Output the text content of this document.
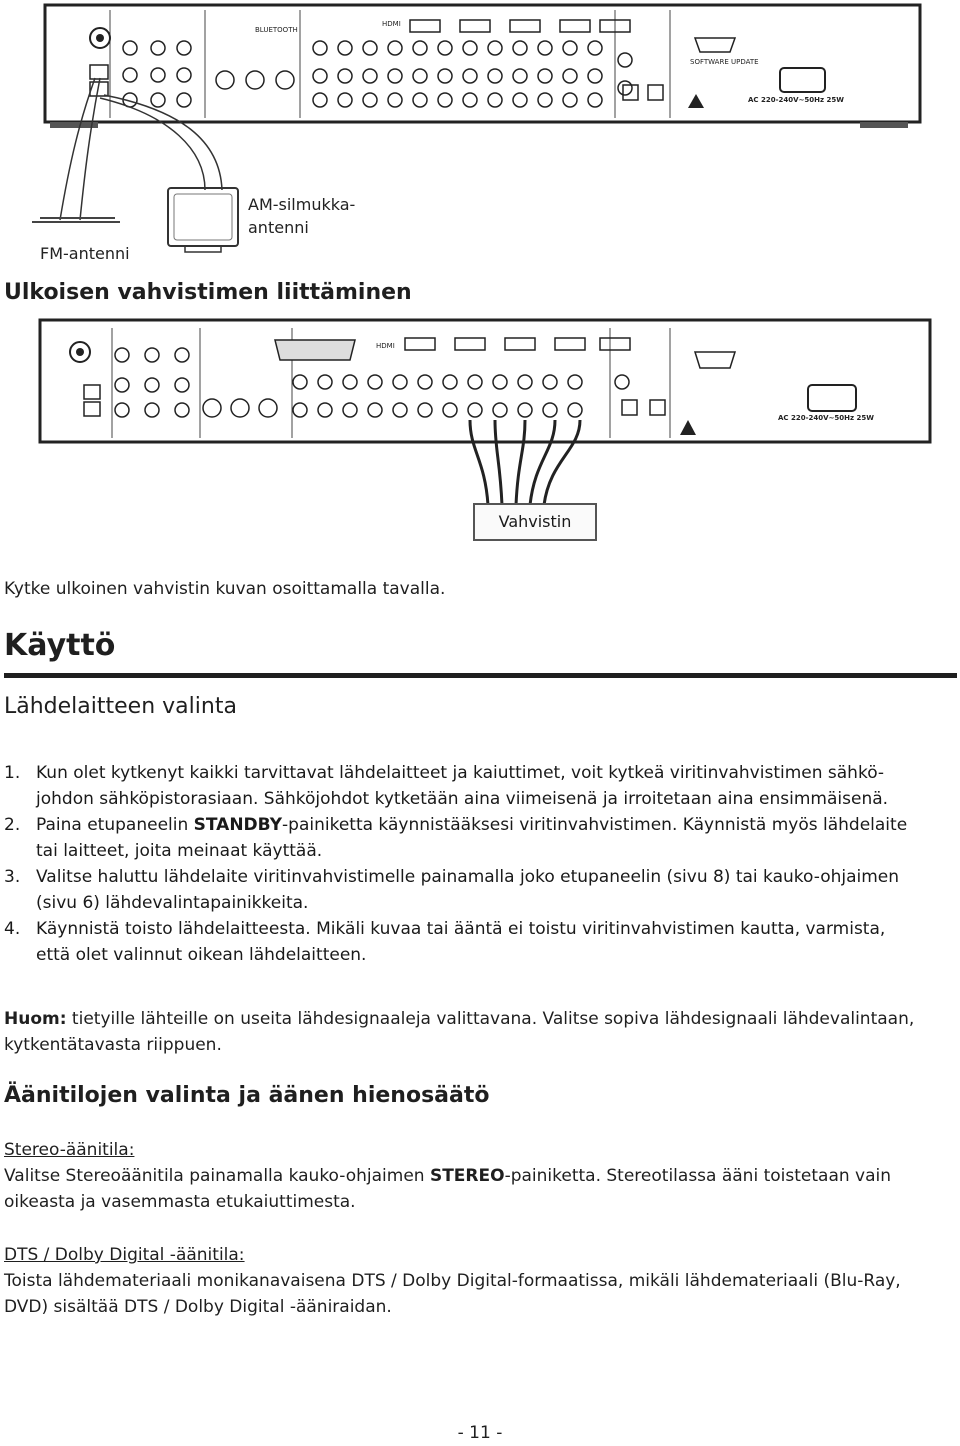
HDMI
BLUETOOTH
SOFTWARE UPDATE
AC 220-240V~50Hz 25W
FM-antenni
AM-silmukka-
antenni
Ulkoisen vahvistimen liittäminen
HDMI
AC 220-240V~50Hz 25W
Vahvistin
Kytke ulkoinen vahvistin kuvan osoittamalla tavalla.
Käyttö
Lähdelaitteen valinta
1. Kun olet kytkenyt kaikki tarvittavat lähdelaitteet ja kaiuttimet, voit kytkeä viritinvahvistimen sähkö-
johdon sähköpistorasiaan. Sähköjohdot kytketään aina viimeisenä ja irroitetaan aina ensimmäisenä.
2. Paina etupaneelin STANDBY-painiketta käynnistääksesi viritinvahvistimen. Käynnistä myös lähdelaite
tai laitteet, joita meinaat käyttää.
3. Valitse haluttu lähdelaite viritinvahvistimelle painamalla joko etupaneelin (sivu 8) tai kauko-ohjaimen
(sivu 6) lähdevalintapainikkeita.
4. Käynnistä toisto lähdelaitteesta. Mikäli kuvaa tai ääntä ei toistu viritinvahvistimen kautta, varmista,
että olet valinnut oikean lähdelaitteen.
Huom: tietyille lähteille on useita lähdesignaaleja valittavana. Valitse sopiva lähdesignaali lähdevalintaan,
kytkentätavasta riippuen.
Äänitilojen valinta ja äänen hienosäätö
Stereo-äänitila:
Valitse Stereoäänitila painamalla kauko-ohjaimen STEREO-painiketta. Stereotilassa ääni toistetaan vain
oikeasta ja vasemmasta etukaiuttimesta.
DTS / Dolby Digital -äänitila:
Toista lähdemateriaali monikanavaisena DTS / Dolby Digital-formaatissa, mikäli lähdemateriaali (Blu-Ray,
DVD) sisältää DTS / Dolby Digital -ääniraidan.
- 11 -
